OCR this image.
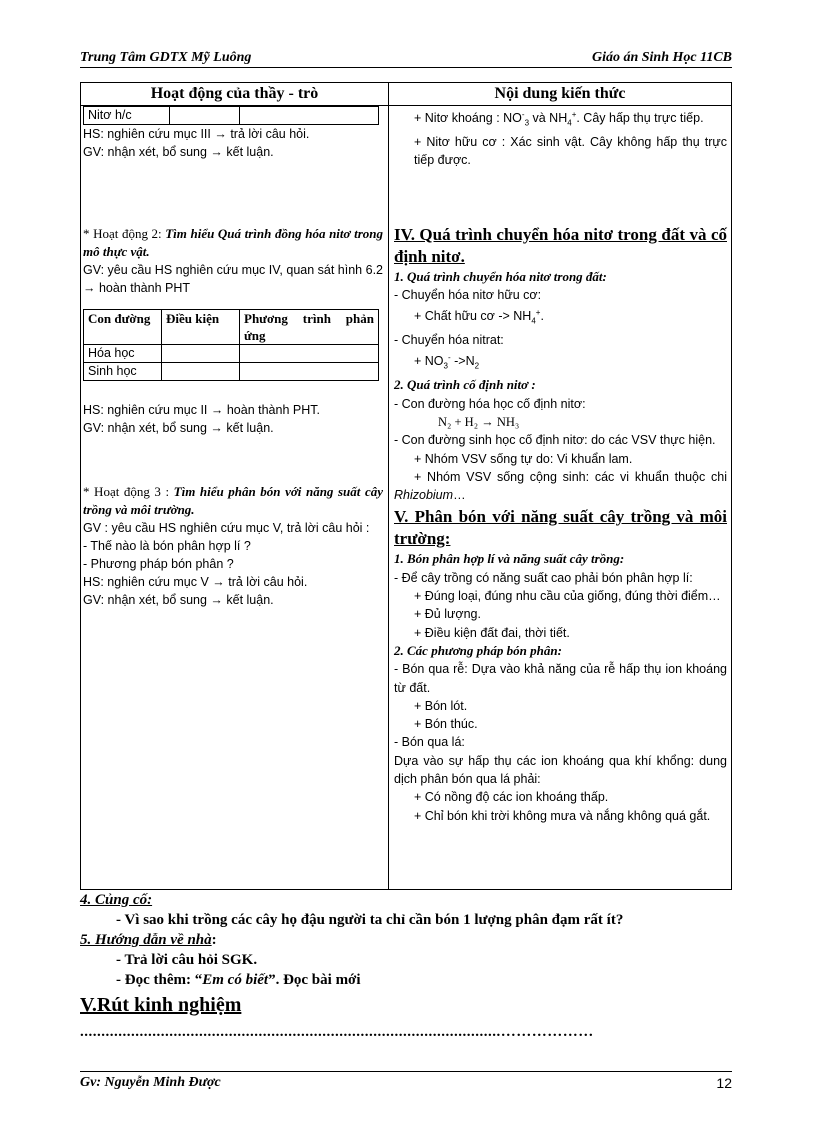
Trung Tâm GDTX Mỹ Luông	Giáo án Sinh Học 11CB
Hoạt động của thầy - trò	Nội dung kiến thức
Nitơ h/c		
HS: nghiên cứu mục III → trả lời câu hỏi.
GV: nhận xét, bổ sung → kết luận.
* Hoạt động 2: Tìm hiểu Quá trình đồng hóa nitơ trong mô thực vật.
GV: yêu cầu HS nghiên cứu mục IV, quan sát hình 6.2 → hoàn thành PHT
Con đường	Điều kiện	Phương trình phản ứng
Hóa học		
Sinh học		
HS: nghiên cứu mục II → hoàn thành PHT.
GV: nhận xét, bổ sung → kết luận.
* Hoạt động 3 : Tìm hiểu phân bón với năng suất cây trồng và môi trường.
GV : yêu cầu HS nghiên cứu mục V, trả lời câu hỏi :
- Thế nào là bón phân hợp lí ?
- Phương pháp bón phân ?
HS: nghiên cứu mục V → trả lời câu hỏi.
GV: nhận xét, bổ sung → kết luận.
+ Nitơ khoáng : $NO^-_3$ và $NH_4^+$. Cây hấp thụ trực tiếp.
+ Nitơ hữu cơ : Xác sinh vật. Cây không hấp thụ trực tiếp được.
IV. Quá trình chuyển hóa nitơ trong đất và cố định nitơ.
1. Quá trình chuyển hóa nitơ trong đất:
- Chuyển hóa nitơ hữu cơ:
+ Chất hữu cơ -> $NH_4^+$.
- Chuyển hóa nitrat:
+ $NO_3^-$ $->N_2$
2. Quá trình cố định nitơ :
- Con đường hóa học cố định nitơ:
N₂ + H₂ → NH₃
- Con đường sinh học cố định nitơ: do các VSV thực hiện.
+ Nhóm VSV sống tự do: Vi khuẩn lam.
+ Nhóm VSV sống cộng sinh: các vi khuẩn thuộc chi Rhizobium…
V. Phân bón với năng suất cây trồng và môi trường:
1. Bón phân hợp lí và năng suất cây trồng:
- Để cây trồng có năng suất cao phải bón phân hợp lí:
+ Đúng loại, đúng nhu cầu của giống, đúng thời điểm…
+ Đủ lượng.
+ Điều kiện đất đai, thời tiết.
2. Các phương pháp bón phân:
- Bón qua rễ: Dựa vào khả năng của rễ hấp thụ ion khoáng từ đất.
+ Bón lót.
+ Bón thúc.
- Bón qua lá:
Dựa vào sự hấp thụ các ion khoáng qua khí khổng: dung dịch phân bón qua lá phải:
+ Có nồng độ các ion khoáng thấp.
+ Chỉ bón khi trời không mưa và nắng không quá gắt.
4. Củng cố:
- Vì sao khi trồng các cây họ đậu người ta chỉ cần bón 1 lượng phân đạm rất ít?
5. Hướng dẫn về nhà:
- Trả lời câu hỏi SGK.
- Đọc thêm: “Em có biết”. Đọc bài mới
V.Rút kinh nghiệm
...................................................................................................………………
Gv: Nguyễn Minh Được	12
